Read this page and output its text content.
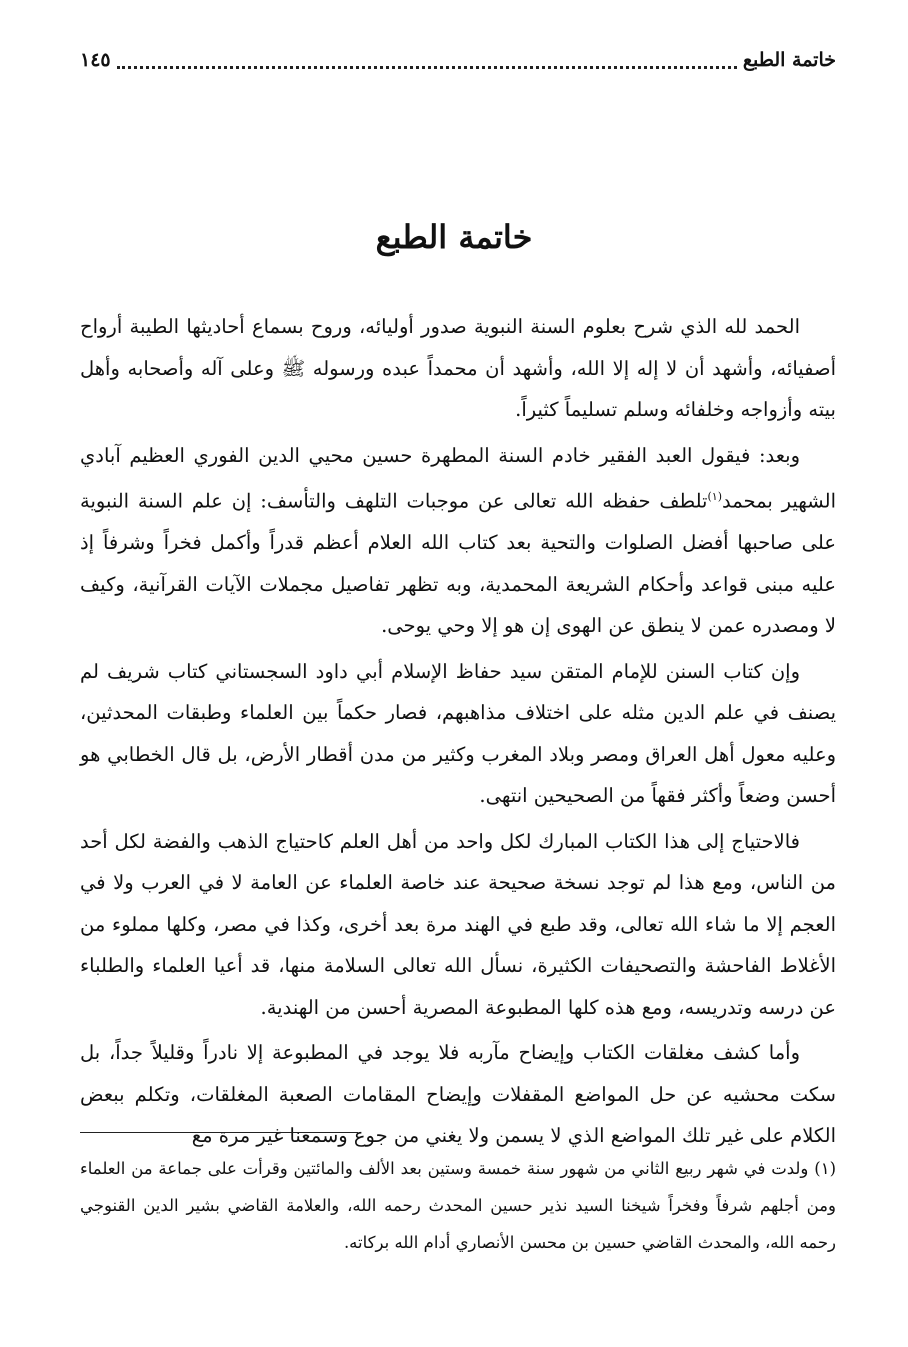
خاتمة الطبع
١٤٥
خاتمة الطبع

الحمد لله الذي شرح بعلوم السنة النبوية صدور أوليائه، وروح بسماع أحاديثها الطيبة أرواح أصفيائه، وأشهد أن لا إله إلا الله، وأشهد أن محمداً عبده ورسوله ﷺ وعلى آله وأصحابه وأهل بيته وأزواجه وخلفائه وسلم تسليماً كثيراً.

وبعد: فيقول العبد الفقير خادم السنة المطهرة حسين محيي الدين الفوري العظيم آبادي الشهير بمحمد$^{(١)}$تلطف حفظه الله تعالى عن موجبات التلهف والتأسف: إن علم السنة النبوية على صاحبها أفضل الصلوات والتحية بعد كتاب الله العلام أعظم قدراً وأكمل فخراً وشرفاً إذ عليه مبنى قواعد وأحكام الشريعة المحمدية، وبه تظهر تفاصيل مجملات الآيات القرآنية، وكيف لا ومصدره عمن لا ينطق عن الهوى إن هو إلا وحي يوحى.

وإن كتاب السنن للإمام المتقن سيد حفاظ الإسلام أبي داود السجستاني كتاب شريف لم يصنف في علم الدين مثله على اختلاف مذاهبهم، فصار حكماً بين العلماء وطبقات المحدثين، وعليه معول أهل العراق ومصر وبلاد المغرب وكثير من مدن أقطار الأرض، بل قال الخطابي هو أحسن وضعاً وأكثر فقهاً من الصحيحين انتهى.

فالاحتياج إلى هذا الكتاب المبارك لكل واحد من أهل العلم كاحتياج الذهب والفضة لكل أحد من الناس، ومع هذا لم توجد نسخة صحيحة عند خاصة العلماء عن العامة لا في العرب ولا في العجم إلا ما شاء الله تعالى، وقد طبع في الهند مرة بعد أخرى، وكذا في مصر، وكلها مملوء من الأغلاط الفاحشة والتصحيفات الكثيرة، نسأل الله تعالى السلامة منها، قد أعيا العلماء والطلباء عن درسه وتدريسه، ومع هذه كلها المطبوعة المصرية أحسن من الهندية.

وأما كشف مغلقات الكتاب وإيضاح مآربه فلا يوجد في المطبوعة إلا نادراً وقليلاً جداً، بل سكت محشيه عن حل المواضع المقفلات وإيضاح المقامات الصعبة المغلقات، وتكلم ببعض الكلام على غير تلك المواضع الذي لا يسمن ولا يغني من جوع وسمعنا غير مرة مع

(١) ولدت في شهر ربيع الثاني من شهور سنة خمسة وستين بعد الألف والمائتين وقرأت على جماعة من العلماء ومن أجلهم شرفاً وفخراً شيخنا السيد نذير حسين المحدث رحمه الله، والعلامة القاضي بشير الدين القنوجي رحمه الله، والمحدث القاضي حسين بن محسن الأنصاري أدام الله بركاته.
